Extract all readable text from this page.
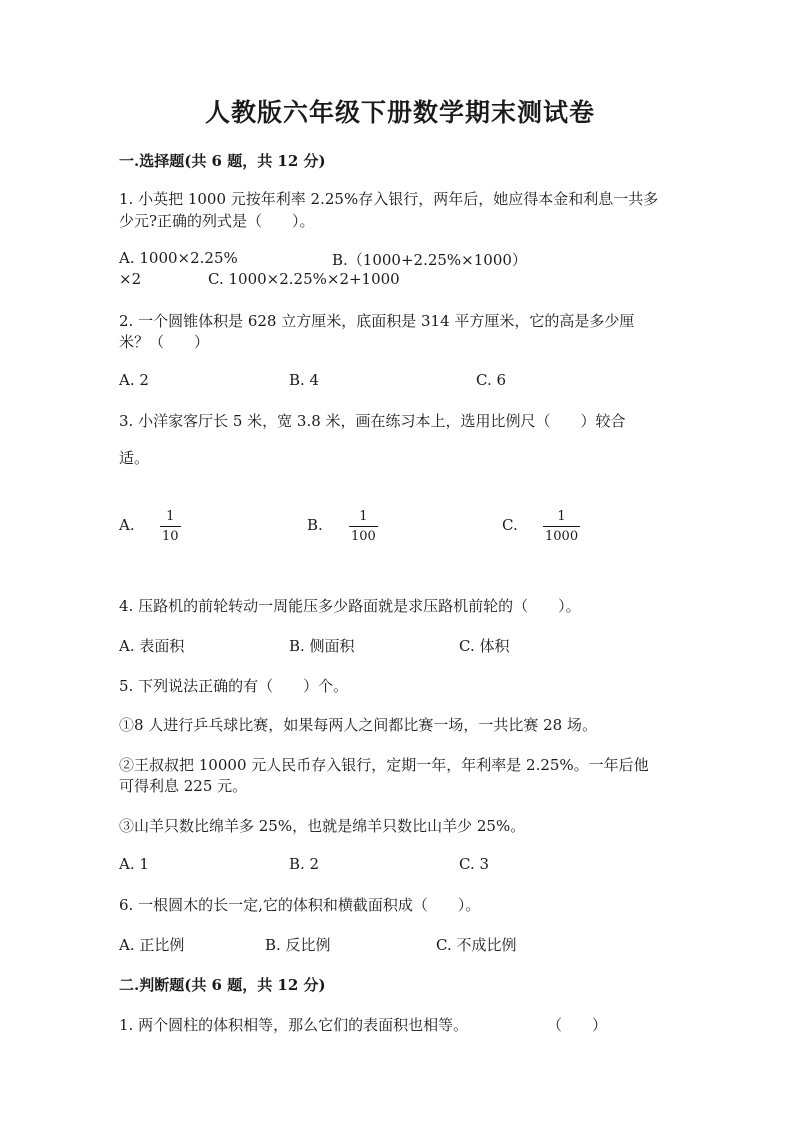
人教版六年级下册数学期末测试卷
一.选择题(共 6 题，共 12 分)
1. 小英把 1000 元按年利率 2.25%存入银行，两年后，她应得本金和利息一共多
少元?正确的列式是（　　）。
A. 1000×2.25%	B.（1000+2.25%×1000）
×2	C. 1000×2.25%×2+1000
2. 一个圆锥体积是 628 立方厘米，底面积是 314 平方厘米，它的高是多少厘
米？（　　）
A. 2	B. 4	C. 6
3. 小洋家客厅长 5 米，宽 3.8 米，画在练习本上，选用比例尺（　　）较合
适。
A. $\frac{1}{10}$	B. $\frac{1}{100}$	C. $\frac{1}{1000}$
4. 压路机的前轮转动一周能压多少路面就是求压路机前轮的（　　）。
A. 表面积	B. 侧面积	C. 体积
5. 下列说法正确的有（　　）个。
①8 人进行乒乓球比赛，如果每两人之间都比赛一场，一共比赛 28 场。
②王叔叔把 10000 元人民币存入银行，定期一年，年利率是 2.25%。一年后他
可得利息 225 元。
③山羊只数比绵羊多 25%，也就是绵羊只数比山羊少 25%。
A. 1	B. 2	C. 3
6. 一根圆木的长一定,它的体积和横截面积成（　　）。
A. 正比例	B. 反比例	C. 不成比例
二.判断题(共 6 题，共 12 分)
1. 两个圆柱的体积相等，那么它们的表面积也相等。	（　　）
